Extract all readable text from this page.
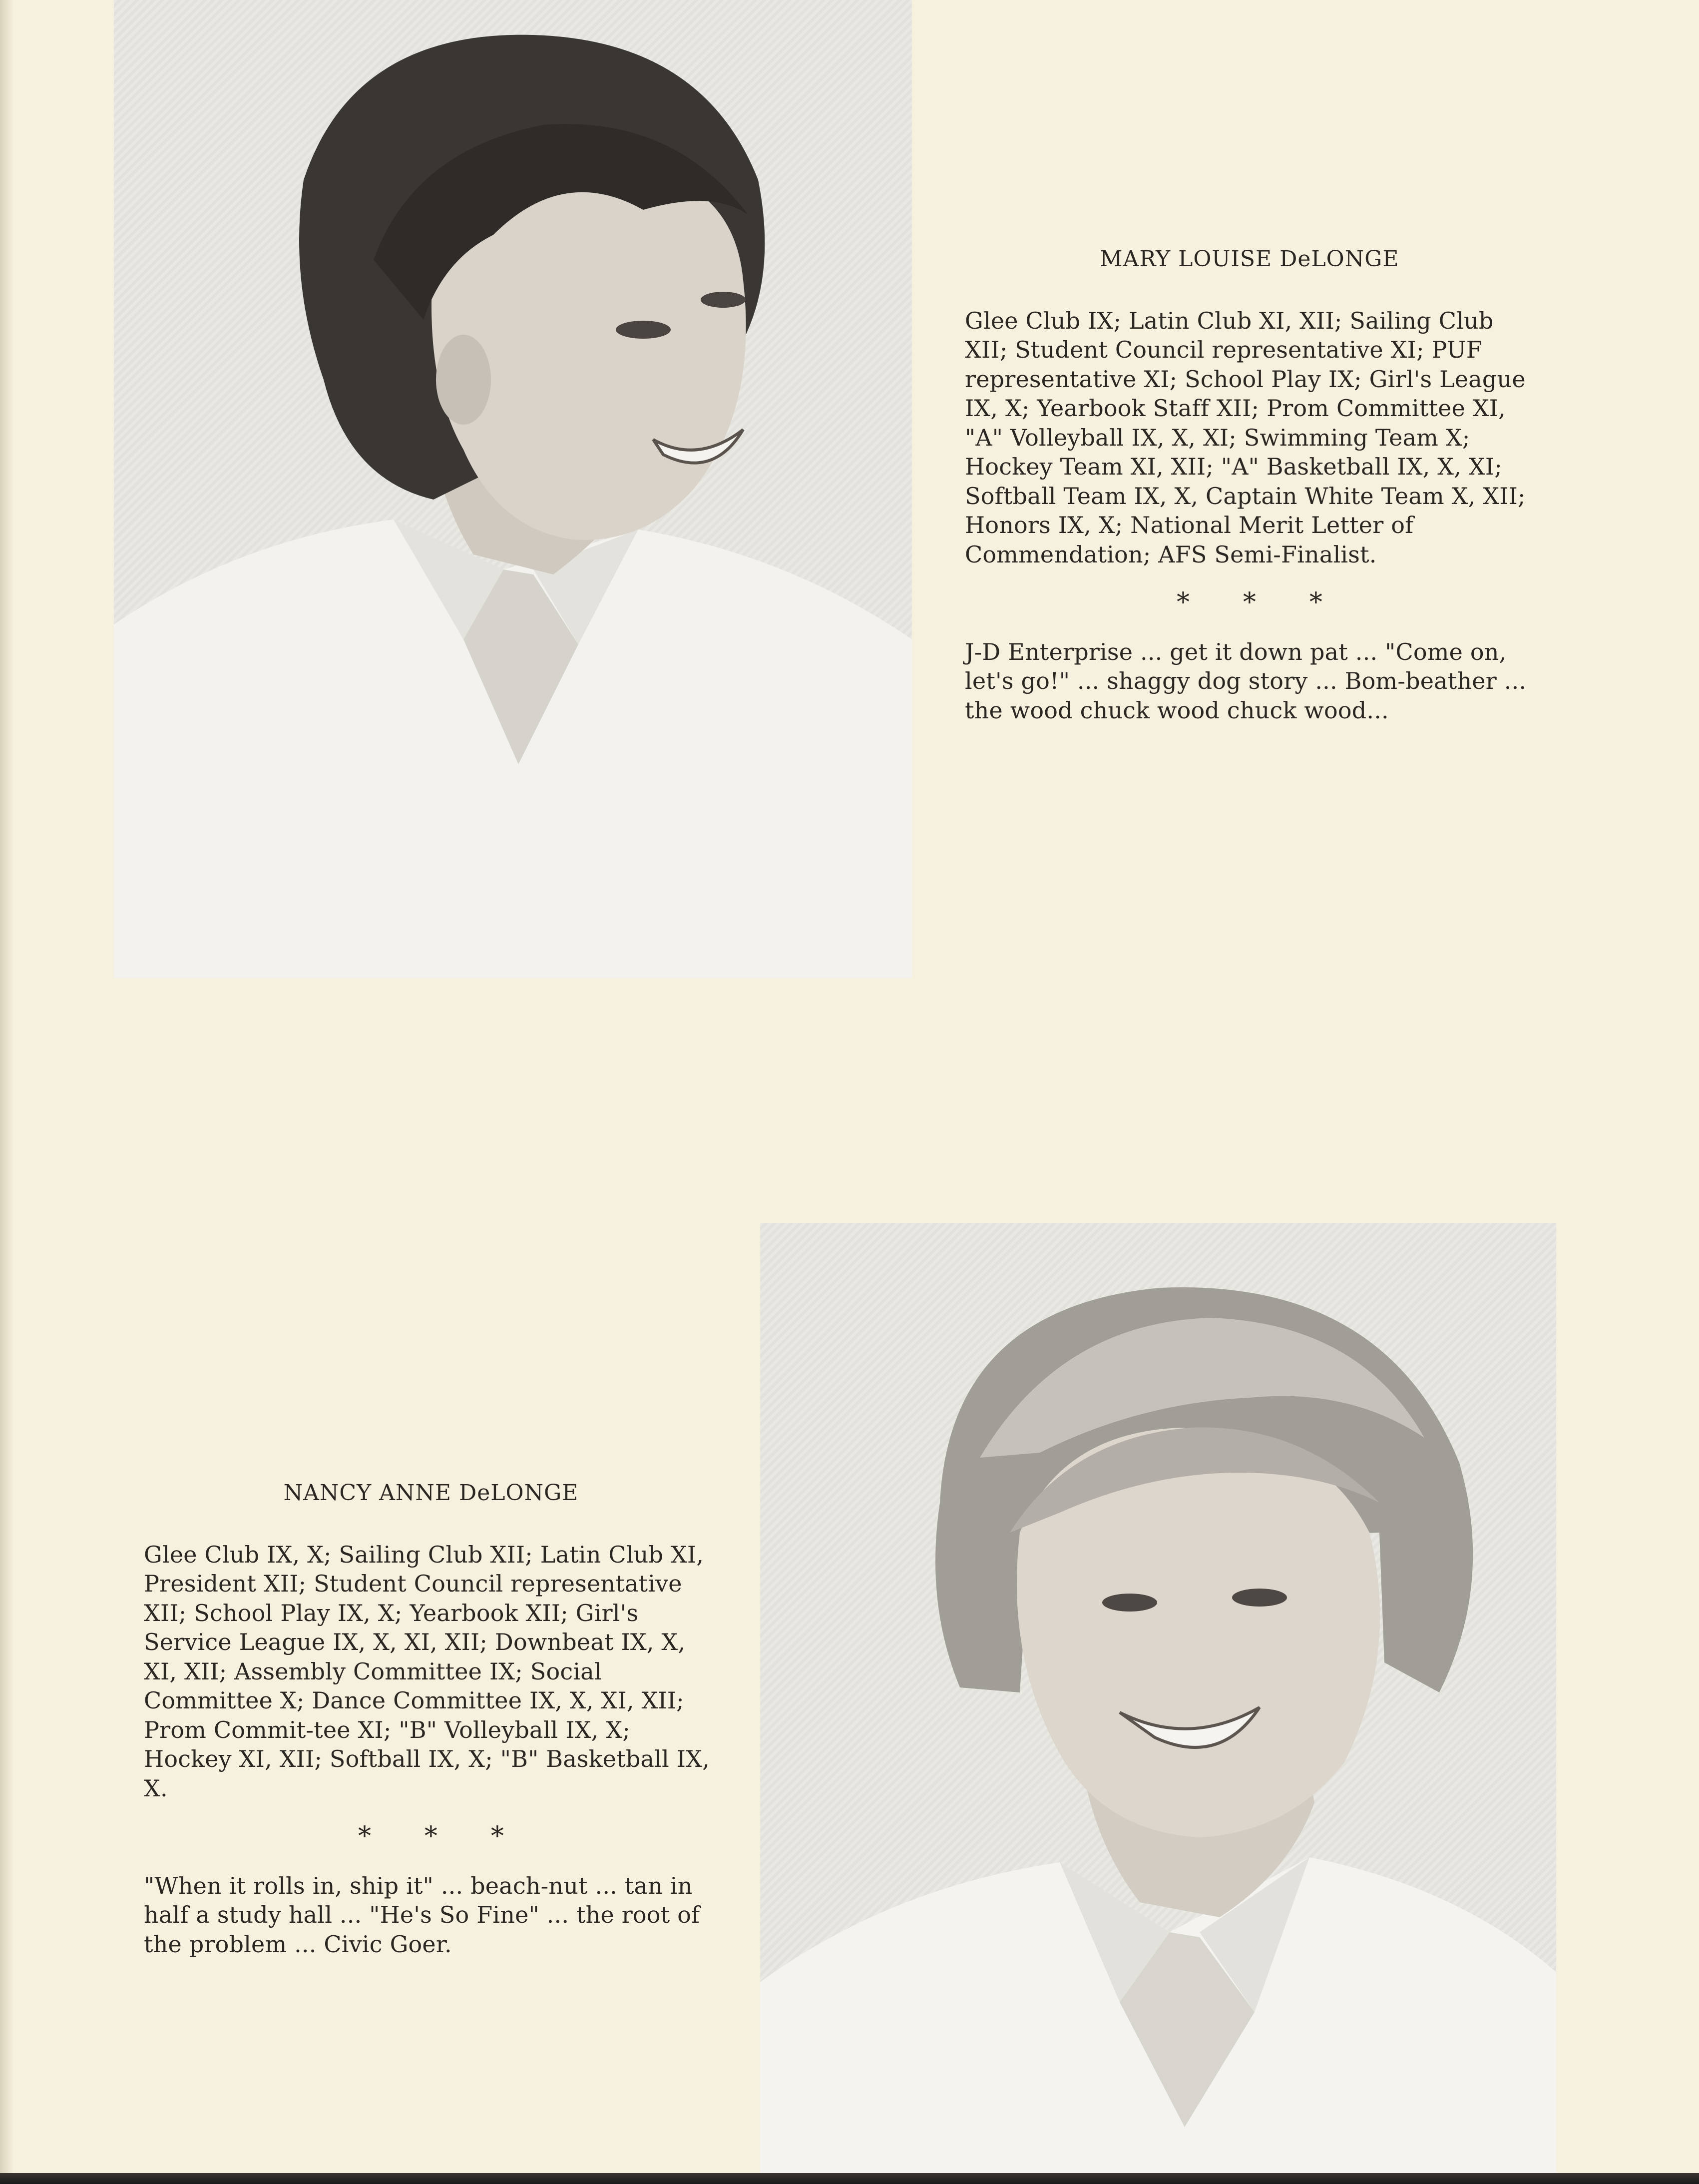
MARY LOUISE DeLONGE

Glee Club IX; Latin Club XI, XII; Sailing Club XII; Student Council representative XI; PUF representative XI; School Play IX; Girl's League IX, X; Yearbook Staff XII; Prom Committee XI, "A" Volleyball IX, X, XI; Swimming Team X; Hockey Team XI, XII; "A" Basketball IX, X, XI; Softball Team IX, X, Captain White Team X, XII; Honors IX, X; National Merit Letter of Commendation; AFS Semi-Finalist.

* * *

J-D Enterprise ... get it down pat ... "Come on, let's go!" ... shaggy dog story ... Bom-beather ... the wood chuck wood chuck wood...

NANCY ANNE DeLONGE

Glee Club IX, X; Sailing Club XII; Latin Club XI, President XII; Student Council representative XII; School Play IX, X; Yearbook XII; Girl's Service League IX, X, XI, XII; Downbeat IX, X, XI, XII; Assembly Committee IX; Social Committee X; Dance Committee IX, X, XI, XII; Prom Commit-tee XI; "B" Volleyball IX, X; Hockey XI, XII; Softball IX, X; "B" Basketball IX, X.

* * *

"When it rolls in, ship it" ... beach-nut ... tan in half a study hall ... "He's So Fine" ... the root of the problem ... Civic Goer.
